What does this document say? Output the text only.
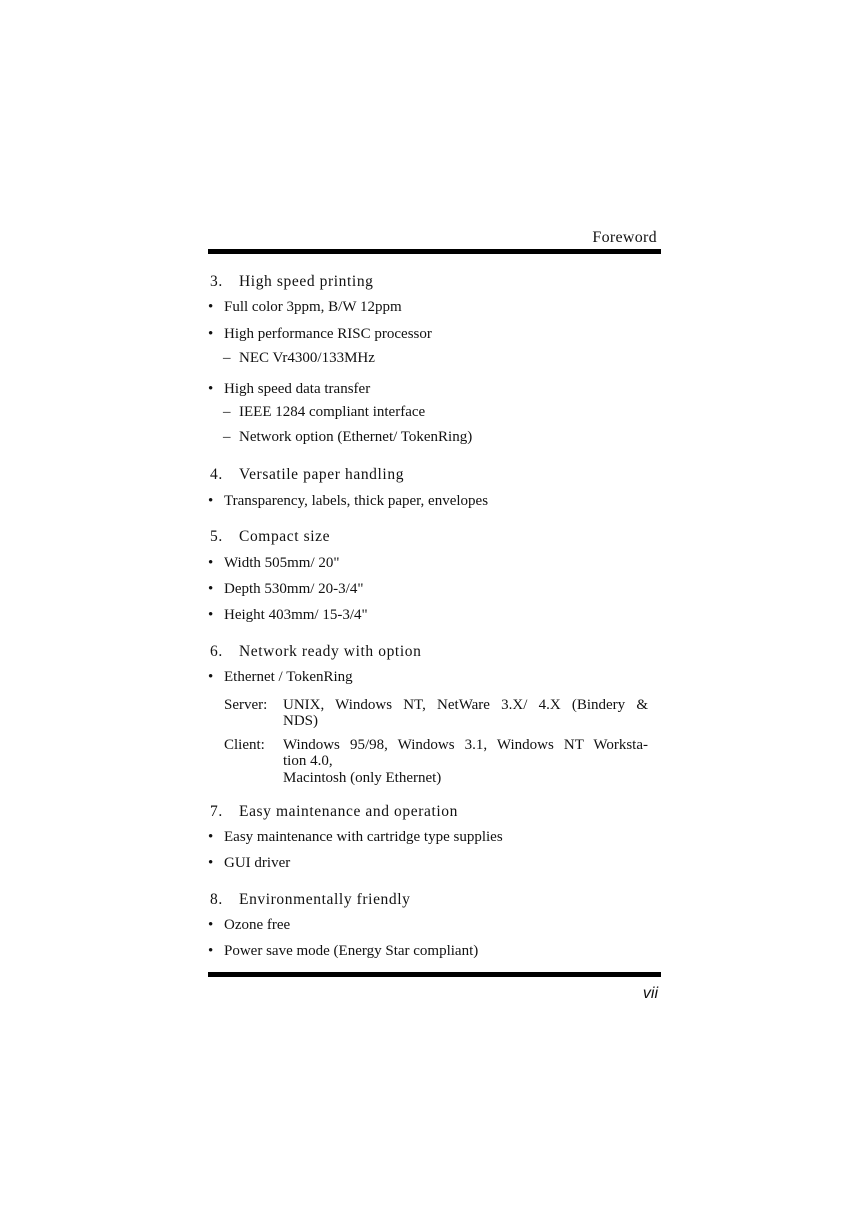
Foreword
3. High speed printing
• Full color 3ppm, B/W 12ppm
• High performance RISC processor
– NEC Vr4300/133MHz
• High speed data transfer
– IEEE 1284 compliant interface
– Network option (Ethernet/ TokenRing)
4. Versatile paper handling
• Transparency, labels, thick paper, envelopes
5. Compact size
• Width 505mm/ 20"
• Depth 530mm/ 20-3/4"
• Height 403mm/ 15-3/4"
6. Network ready with option
• Ethernet / TokenRing
Server: UNIX, Windows NT, NetWare 3.X/ 4.X (Bindery &
NDS)
Client: Windows 95/98, Windows 3.1, Windows NT Worksta-
tion 4.0,
Macintosh (only Ethernet)
7. Easy maintenance and operation
• Easy maintenance with cartridge type supplies
• GUI driver
8. Environmentally friendly
• Ozone free
• Power save mode (Energy Star compliant)
vii
